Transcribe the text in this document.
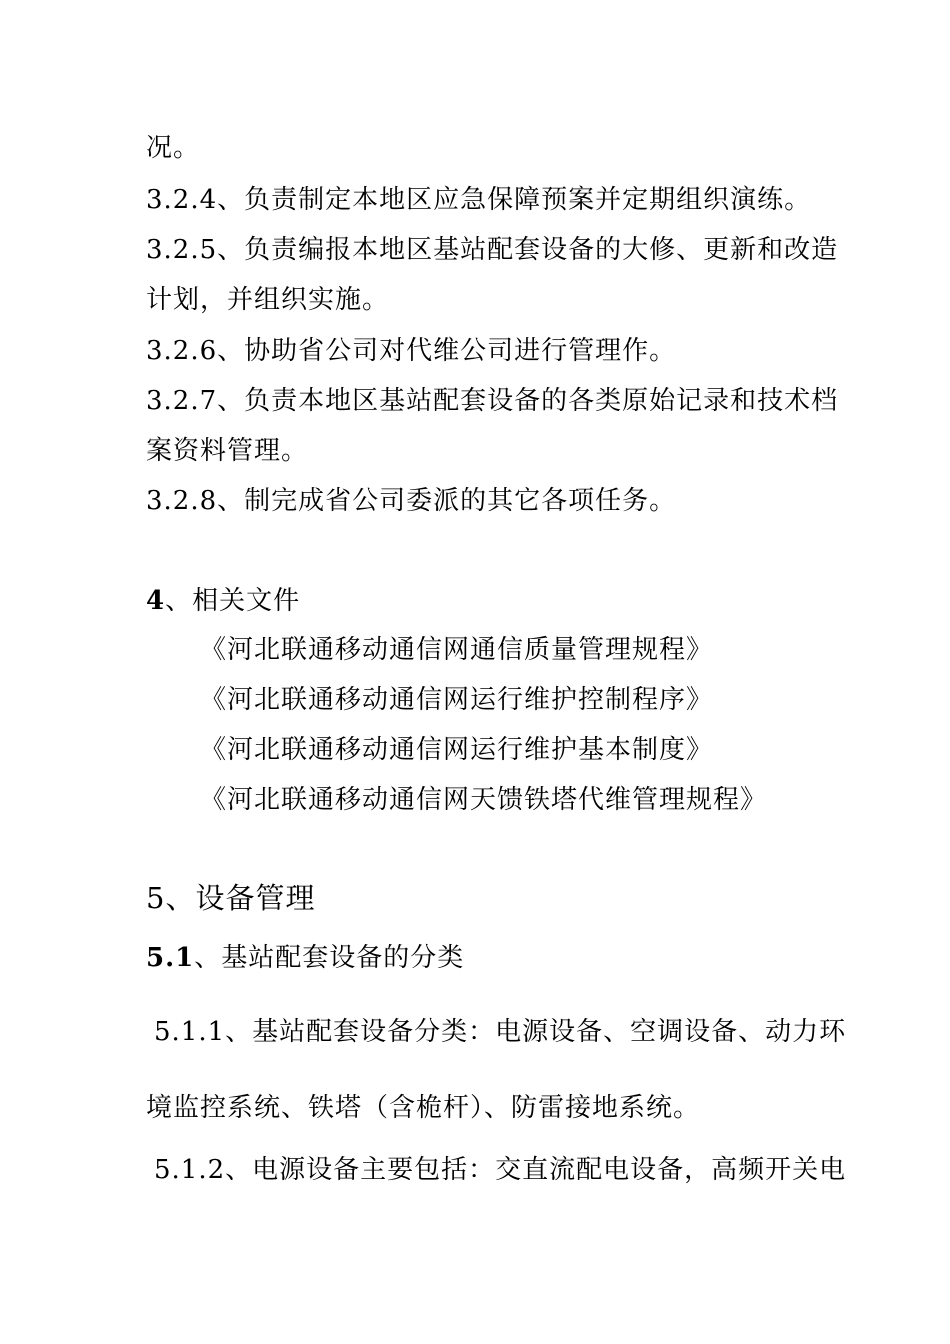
况。
3.2.4、负责制定本地区应急保障预案并定期组织演练。
3.2.5、负责编报本地区基站配套设备的大修、更新和改造
计划，并组织实施。
3.2.6、协助省公司对代维公司进行管理作。
3.2.7、负责本地区基站配套设备的各类原始记录和技术档
案资料管理。
3.2.8、制完成省公司委派的其它各项任务。
4、相关文件
《河北联通移动通信网通信质量管理规程》
《河北联通移动通信网运行维护控制程序》
《河北联通移动通信网运行维护基本制度》
《河北联通移动通信网天馈铁塔代维管理规程》
5、设备管理
5.1、基站配套设备的分类
5.1.1、基站配套设备分类：电源设备、空调设备、动力环
境监控系统、铁塔（含桅杆）、防雷接地系统。
5.1.2、电源设备主要包括：交直流配电设备，高频开关电
